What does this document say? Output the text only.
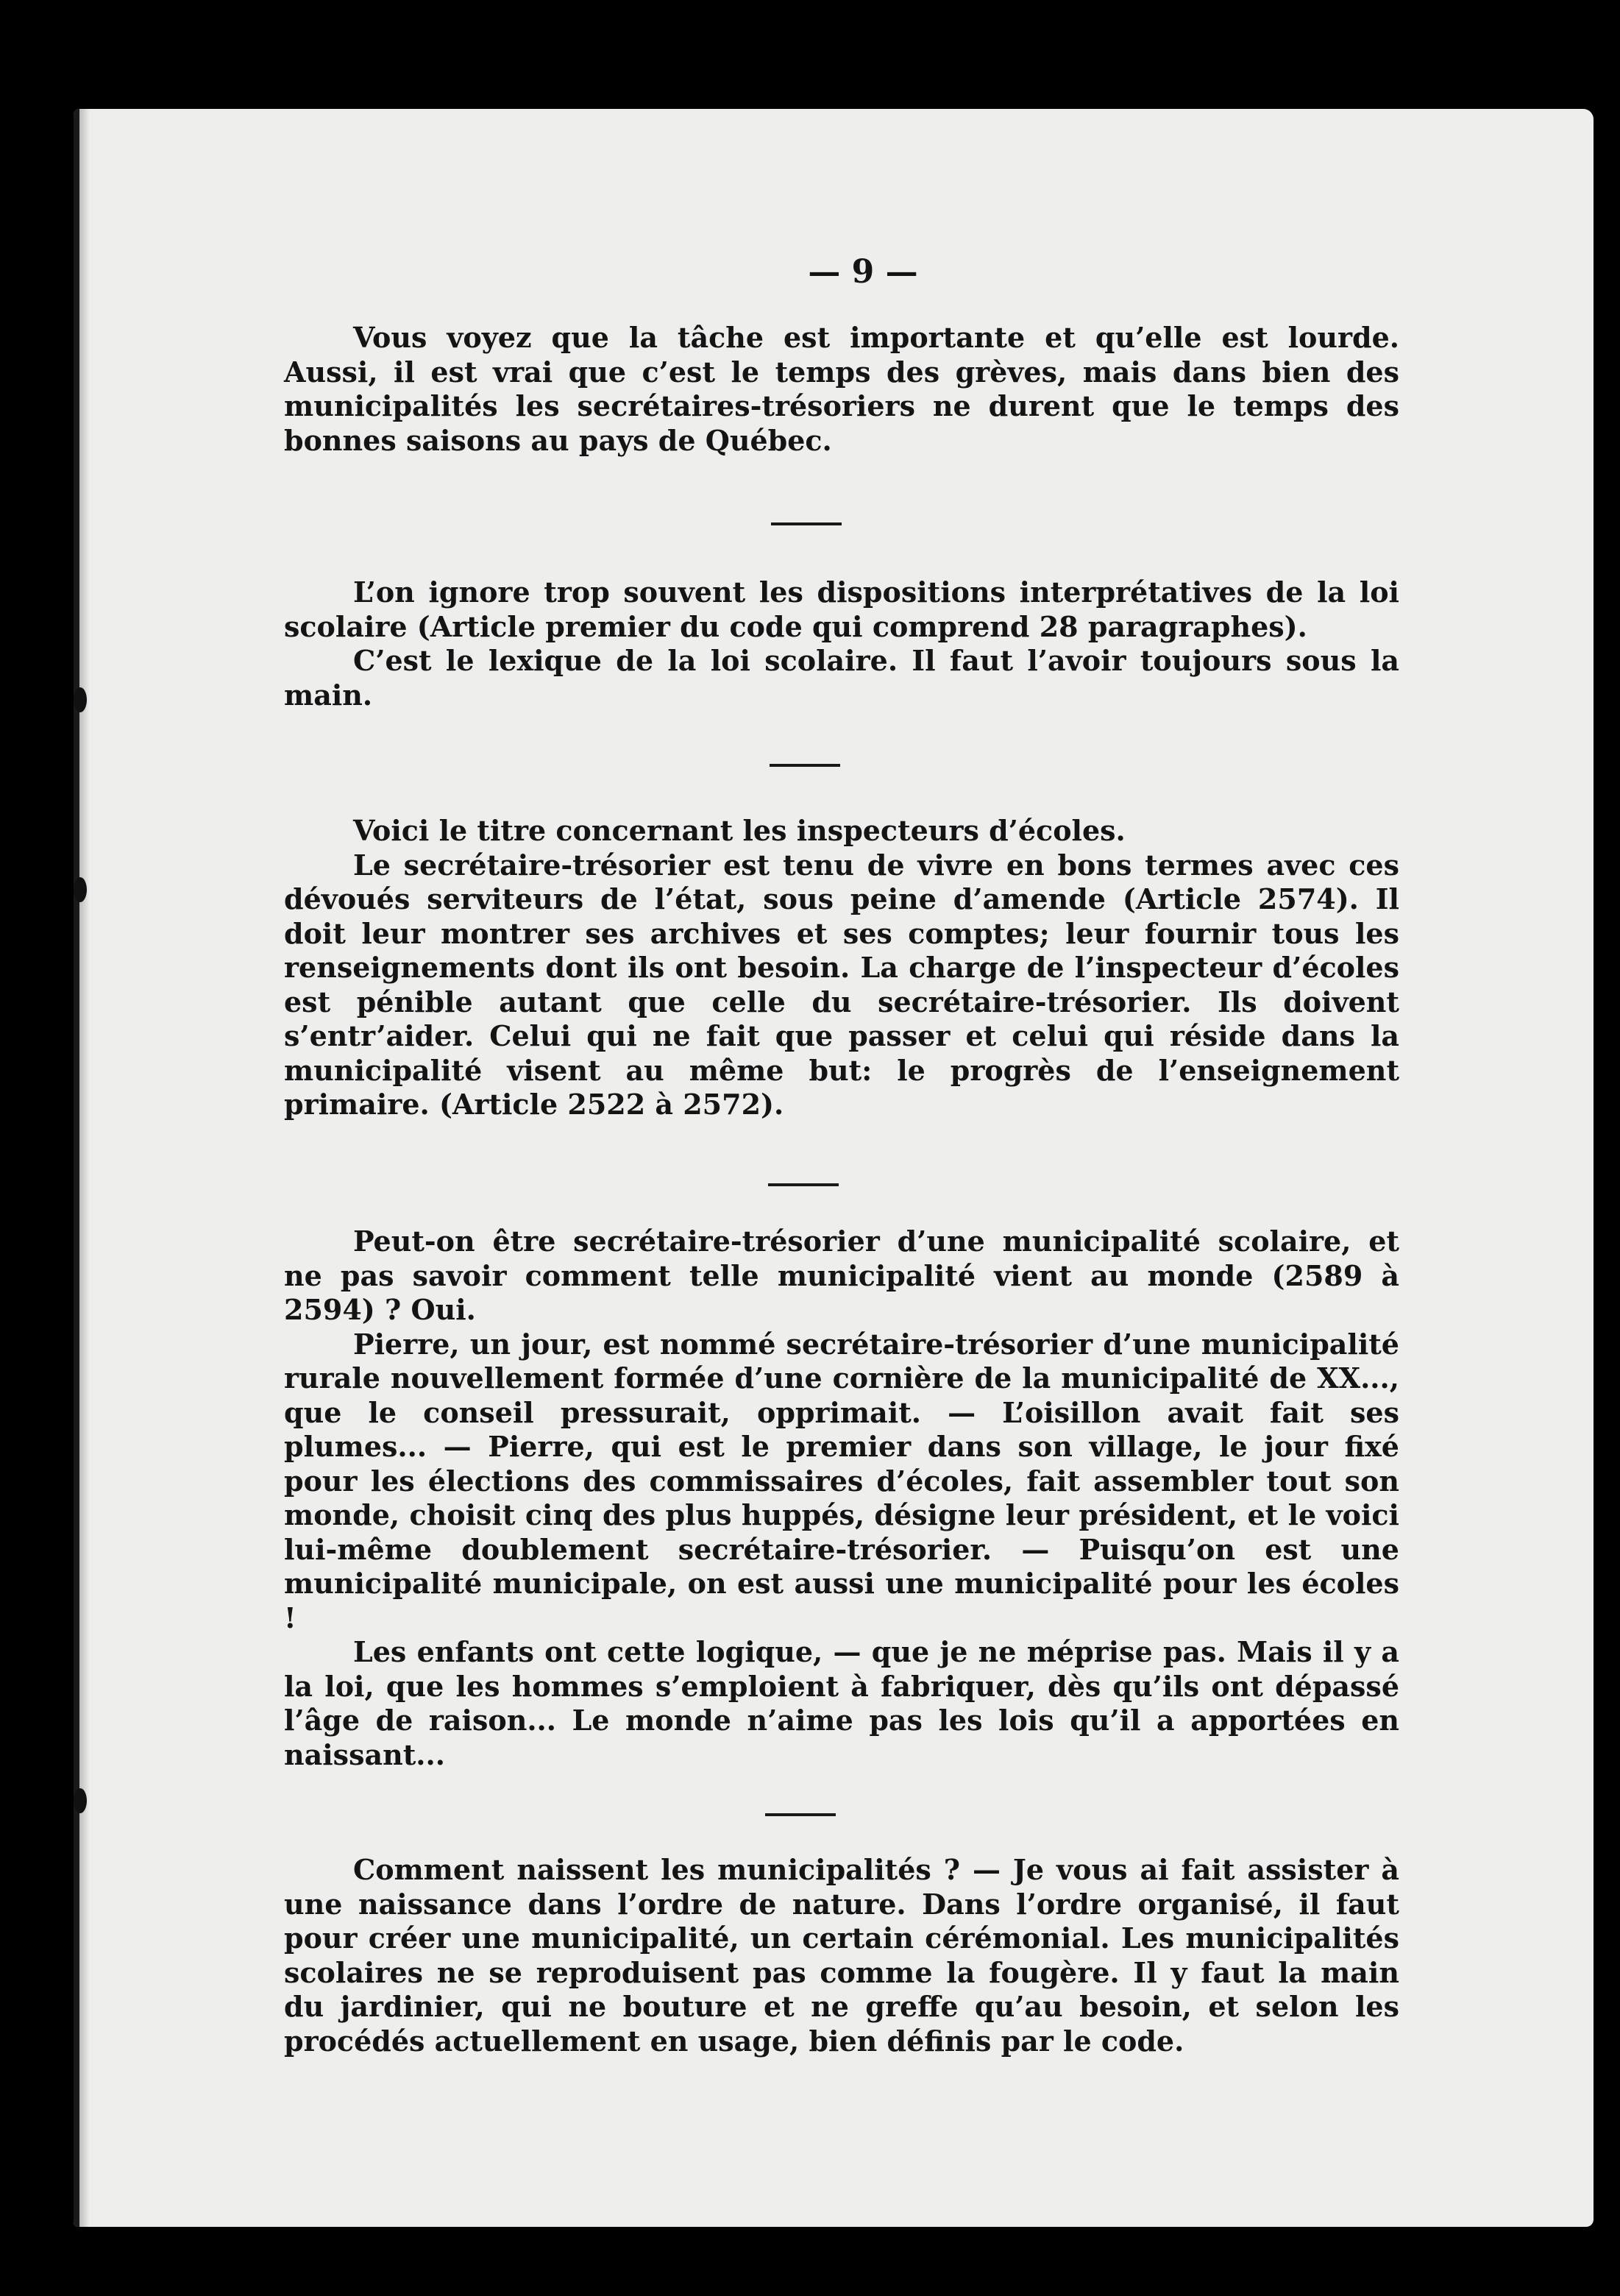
— 9 —

Vous voyez que la tâche est importante et qu’elle est lourde. Aussi, il est vrai que c’est le temps des grèves, mais dans bien des municipalités les secrétaires-trésoriers ne durent que le temps des bonnes saisons au pays de Québec.

L’on ignore trop souvent les dispositions interprétatives de la loi scolaire (Article premier du code qui comprend 28 paragraphes).

C’est le lexique de la loi scolaire. Il faut l’avoir toujours sous la main.

Voici le titre concernant les inspecteurs d’écoles.

Le secrétaire-trésorier est tenu de vivre en bons termes avec ces dévoués serviteurs de l’état, sous peine d’amende (Article 2574). Il doit leur montrer ses archives et ses comptes; leur fournir tous les renseignements dont ils ont besoin. La charge de l’inspecteur d’écoles est pénible autant que celle du secrétaire-trésorier. Ils doivent s’entr’aider. Celui qui ne fait que passer et celui qui réside dans la municipalité visent au même but: le progrès de l’enseignement primaire. (Article 2522 à 2572).

Peut-on être secrétaire-trésorier d’une municipalité scolaire, et ne pas savoir comment telle municipalité vient au monde (2589 à 2594) ? Oui.

Pierre, un jour, est nommé secrétaire-trésorier d’une municipalité rurale nouvellement formée d’une cornière de la municipalité de XX..., que le conseil pressurait, opprimait. — L’oisillon avait fait ses plumes... — Pierre, qui est le premier dans son village, le jour fixé pour les élections des commissaires d’écoles, fait assembler tout son monde, choisit cinq des plus huppés, désigne leur président, et le voici lui-même doublement secrétaire-trésorier. — Puisqu’on est une municipalité municipale, on est aussi une municipalité pour les écoles !

Les enfants ont cette logique, — que je ne méprise pas. Mais il y a la loi, que les hommes s’emploient à fabriquer, dès qu’ils ont dépassé l’âge de raison... Le monde n’aime pas les lois qu’il a apportées en naissant...

Comment naissent les municipalités ? — Je vous ai fait assister à une naissance dans l’ordre de nature. Dans l’ordre organisé, il faut pour créer une municipalité, un certain cérémonial. Les municipalités scolaires ne se reproduisent pas comme la fougère. Il y faut la main du jardinier, qui ne bouture et ne greffe qu’au besoin, et selon les procédés actuellement en usage, bien définis par le code.
